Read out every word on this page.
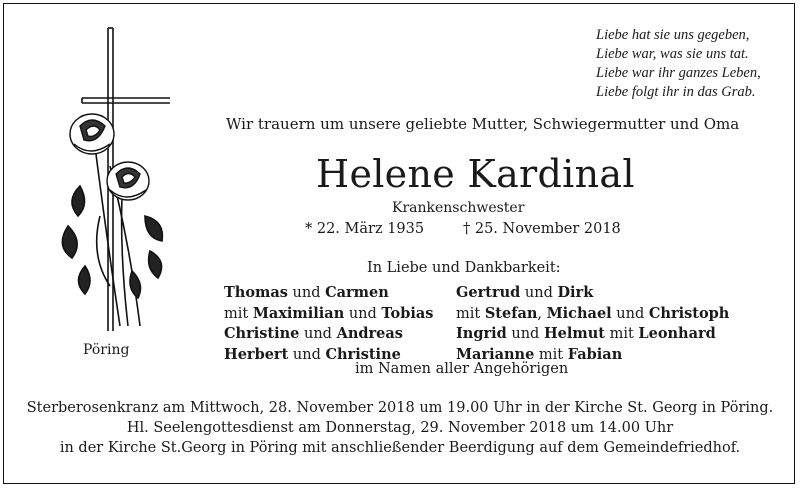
Liebe hat sie uns gegeben,
Liebe war, was sie uns tat.
Liebe war ihr ganzes Leben,
Liebe folgt ihr in das Grab.
Wir trauern um unsere geliebte Mutter, Schwiegermutter und Oma
Helene Kardinal
Krankenschwester
* 22. März 1935	† 25. November 2018
In Liebe und Dankbarkeit:
Thomas und Carmen
mit Maximilian und Tobias
Christine und Andreas
Herbert und Christine
Gertrud und Dirk
mit Stefan, Michael und Christoph
Ingrid und Helmut mit Leonhard
Marianne mit Fabian
Pöring
im Namen aller Angehörigen
Sterberosenkranz am Mittwoch, 28. November 2018 um 19.00 Uhr in der Kirche St. Georg in Pöring.
Hl. Seelengottesdienst am Donnerstag, 29. November 2018 um 14.00 Uhr
in der Kirche St.Georg in Pöring mit anschließender Beerdigung auf dem Gemeindefriedhof.
